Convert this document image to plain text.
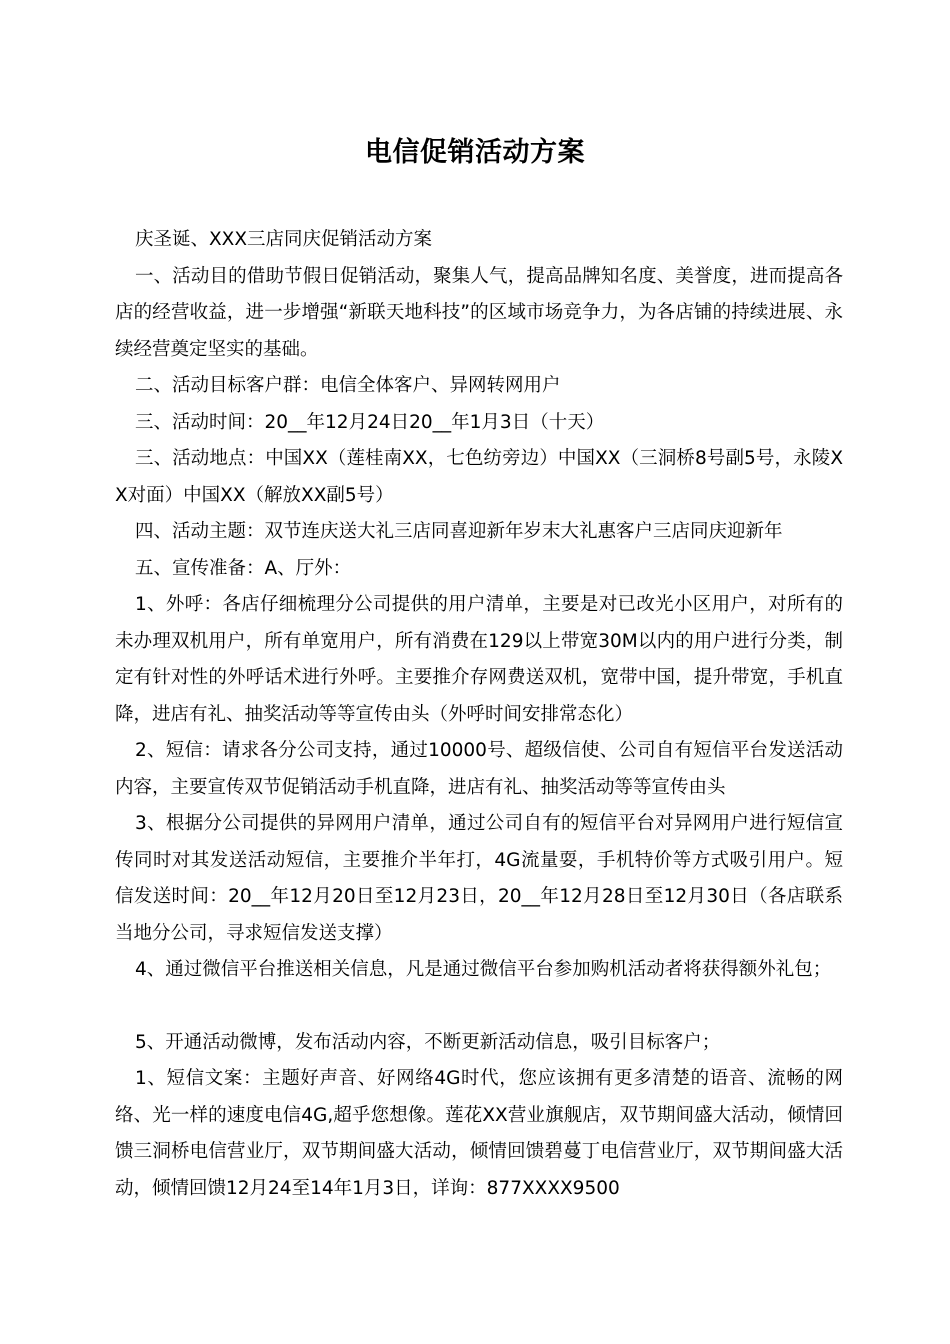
电信促销活动方案

庆圣诞、XXX三店同庆促销活动方案

一、活动目的借助节假日促销活动，聚集人气，提高品牌知名度、美誉度，进而提高各店的经营收益，进一步增强“新联天地科技”的区域市场竞争力，为各店铺的持续进展、永续经营奠定坚实的基础。

二、活动目标客户群：电信全体客户、异网转网用户

三、活动时间：20__年12月24日20__年1月3日（十天）

三、活动地点：中国XX（莲桂南XX，七色纺旁边）中国XX（三洞桥8号副5号，永陵XX对面）中国XX（解放XX副5号）

四、活动主题：双节连庆送大礼三店同喜迎新年岁末大礼惠客户三店同庆迎新年

五、宣传准备：A、厅外：

1、外呼：各店仔细梳理分公司提供的用户清单，主要是对已改光小区用户，对所有的未办理双机用户，所有单宽用户，所有消费在129以上带宽30M以内的用户进行分类，制定有针对性的外呼话术进行外呼。主要推介存网费送双机，宽带中国，提升带宽，手机直降，进店有礼、抽奖活动等等宣传由头（外呼时间安排常态化）

2、短信：请求各分公司支持，通过10000号、超级信使、公司自有短信平台发送活动内容，主要宣传双节促销活动手机直降，进店有礼、抽奖活动等等宣传由头

3、根据分公司提供的异网用户清单，通过公司自有的短信平台对异网用户进行短信宣传同时对其发送活动短信，主要推介半年打，4G流量耍，手机特价等方式吸引用户。短信发送时间：20__年12月20日至12月23日，20__年12月28日至12月30日（各店联系当地分公司，寻求短信发送支撑）

4、通过微信平台推送相关信息，凡是通过微信平台参加购机活动者将获得额外礼包；

5、开通活动微博，发布活动内容，不断更新活动信息，吸引目标客户；

1、短信文案：主题好声音、好网络4G时代，您应该拥有更多清楚的语音、流畅的网络、光一样的速度电信4G,超乎您想像。莲花XX营业旗舰店，双节期间盛大活动，倾情回馈三洞桥电信营业厅，双节期间盛大活动，倾情回馈碧蔓丁电信营业厅，双节期间盛大活动，倾情回馈12月24至14年1月3日，详询：877XXXX9500
